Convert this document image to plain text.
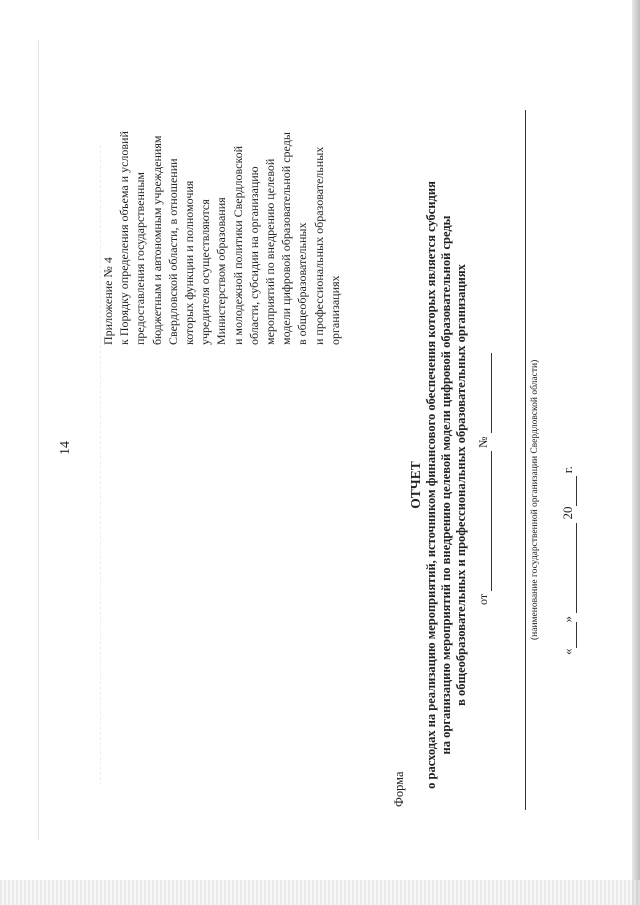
14
Приложение № 4 к Порядку определения объема и условий предоставления государственным бюджетным и автономным учреждениям Свердловской области, в отношении которых функции и полномочия учредителя осуществляются Министерством образования и молодежной политики Свердловской области, субсидии на организацию мероприятий по внедрению целевой модели цифровой образовательной среды в общеобразовательных и профессиональных образовательных организациях
Форма
ОТЧЕТ о расходах на реализацию мероприятий, источником финансового обеспечения которых является субсидия на организацию мероприятий по внедрению целевой модели цифровой образовательной среды в общеобразовательных и профессиональных образовательных организациях от   №	(наименование государственной организации Свердловской области)
« »   20  г.
